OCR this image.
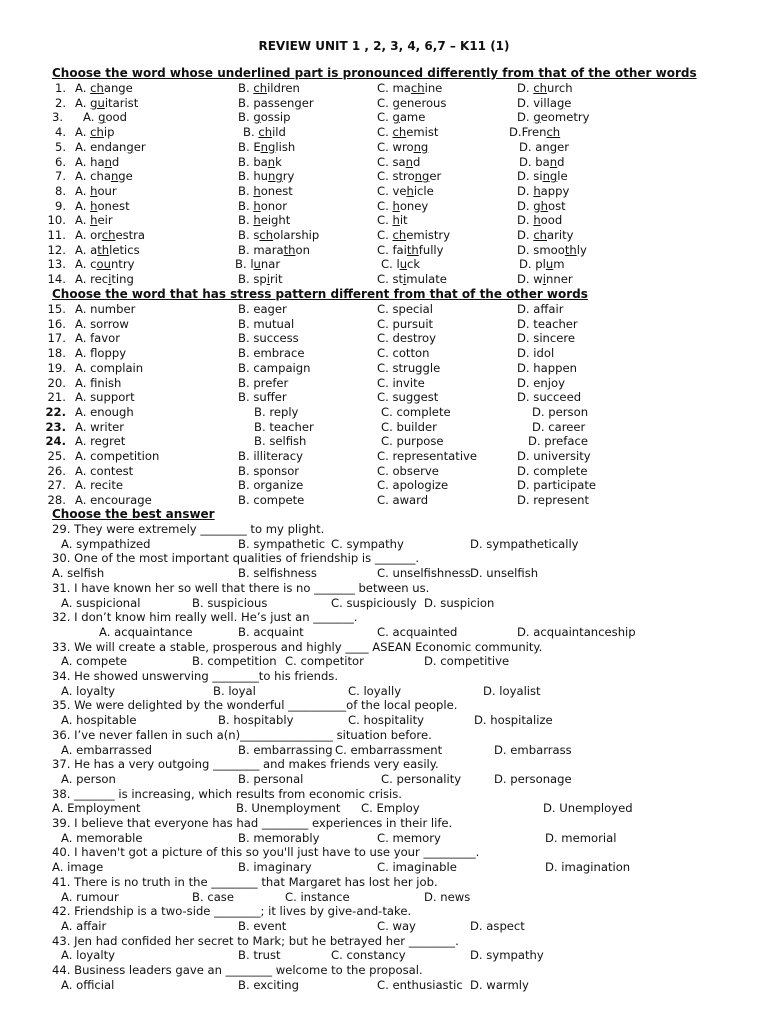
REVIEW UNIT 1 , 2, 3, 4, 6,7 – K11 (1)
Choose the word whose underlined part is pronounced differently from that of the other words
1. A. change	B. children	C. machine	D. church
2. A. guitarist	B. passenger	C. generous	D. village
3. A. good	B. gossip	C. game	D. geometry
4. A. chip	B. child	C. chemist	D.French
5. A. endanger	B. English	C. wrong	D. anger
6. A. hand	B. bank	C. sand	D. band
7. A. change	B. hungry	C. stronger	D. single
8. A. hour	B. honest	C. vehicle	D. happy
9. A. honest	B. honor	C. honey	D. ghost
10. A. heir	B. height	C. hit	D. hood
11. A. orchestra	B. scholarship	C. chemistry	D. charity
12. A. athletics	B. marathon	C. faithfully	D. smoothly
13. A. country	B. lunar	C. luck	D. plum
14. A. reciting	B. spirit	C. stimulate	D. winner
Choose the word that has stress pattern different from that of the other words
15. A. number	B. eager	C. special	D. affair
16. A. sorrow	B. mutual	C. pursuit	D. teacher
17. A. favor	B. success	C. destroy	D. sincere
18. A. floppy	B. embrace	C. cotton	D. idol
19. A. complain	B. campaign	C. struggle	D. happen
20. A. finish	B. prefer	C. invite	D. enjoy
21. A. support	B. suffer	C. suggest	D. succeed
22. A. enough	B. reply	C. complete	D. person
23. A. writer	B. teacher	C. builder	D. career
24. A. regret	B. selfish	C. purpose	D. preface
25. A. competition	B. illiteracy	C. representative	D. university
26. A. contest	B. sponsor	C. observe	D. complete
27. A. recite	B. organize	C. apologize	D. participate
28. A. encourage	B. compete	C. award	D. represent
Choose the best answer
29. They were extremely ________ to my plight.
A. sympathized	B. sympathetic C. sympathy	D. sympathetically
30. One of the most important qualities of friendship is _______.
A. selfish	B. selfishness	C. unselfishness D. unselfish
31. I have known her so well that there is no _______ between us.
A. suspicional	B. suspicious	C. suspiciously D. suspicion
32. I don’t know him really well. He’s just an _______.
A. acquaintance	B. acquaint	C. acquainted	D. acquaintanceship
33. We will create a stable, prosperous and highly ____ ASEAN Economic community.
A. compete	B. competition C. competitor	D. competitive
34. He showed unswerving ________to his friends.
A. loyalty	B. loyal	C. loyally	D. loyalist
35. We were delighted by the wonderful __________of the local people.
A. hospitable	B. hospitably	C. hospitality	D. hospitalize
36. I’ve never fallen in such a(n)________________ situation before.
A. embarrassed	B. embarrassing C. embarrassment	D. embarrass
37. He has a very outgoing ________ and makes friends very easily.
A. person	B. personal	C. personality	D. personage
38. _______ is increasing, which results from economic crisis.
A. Employment	B. Unemployment C. Employ	D. Unemployed
39. I believe that everyone has had ________ experiences in their life.
A. memorable	B. memorably	C. memory	D. memorial
40. I haven't got a picture of this so you'll just have to use your _________.
A. image	B. imaginary	C. imaginable	D. imagination
41. There is no truth in the ________ that Margaret has lost her job.
A. rumour	B. case	C. instance	D. news
42. Friendship is a two-side ________; it lives by give-and-take.
A. affair	B. event	C. way	D. aspect
43. Jen had confided her secret to Mark; but he betrayed her ________.
A. loyalty	B. trust	C. constancy	D. sympathy
44. Business leaders gave an ________ welcome to the proposal.
A. official	B. exciting	C. enthusiastic D. warmly
